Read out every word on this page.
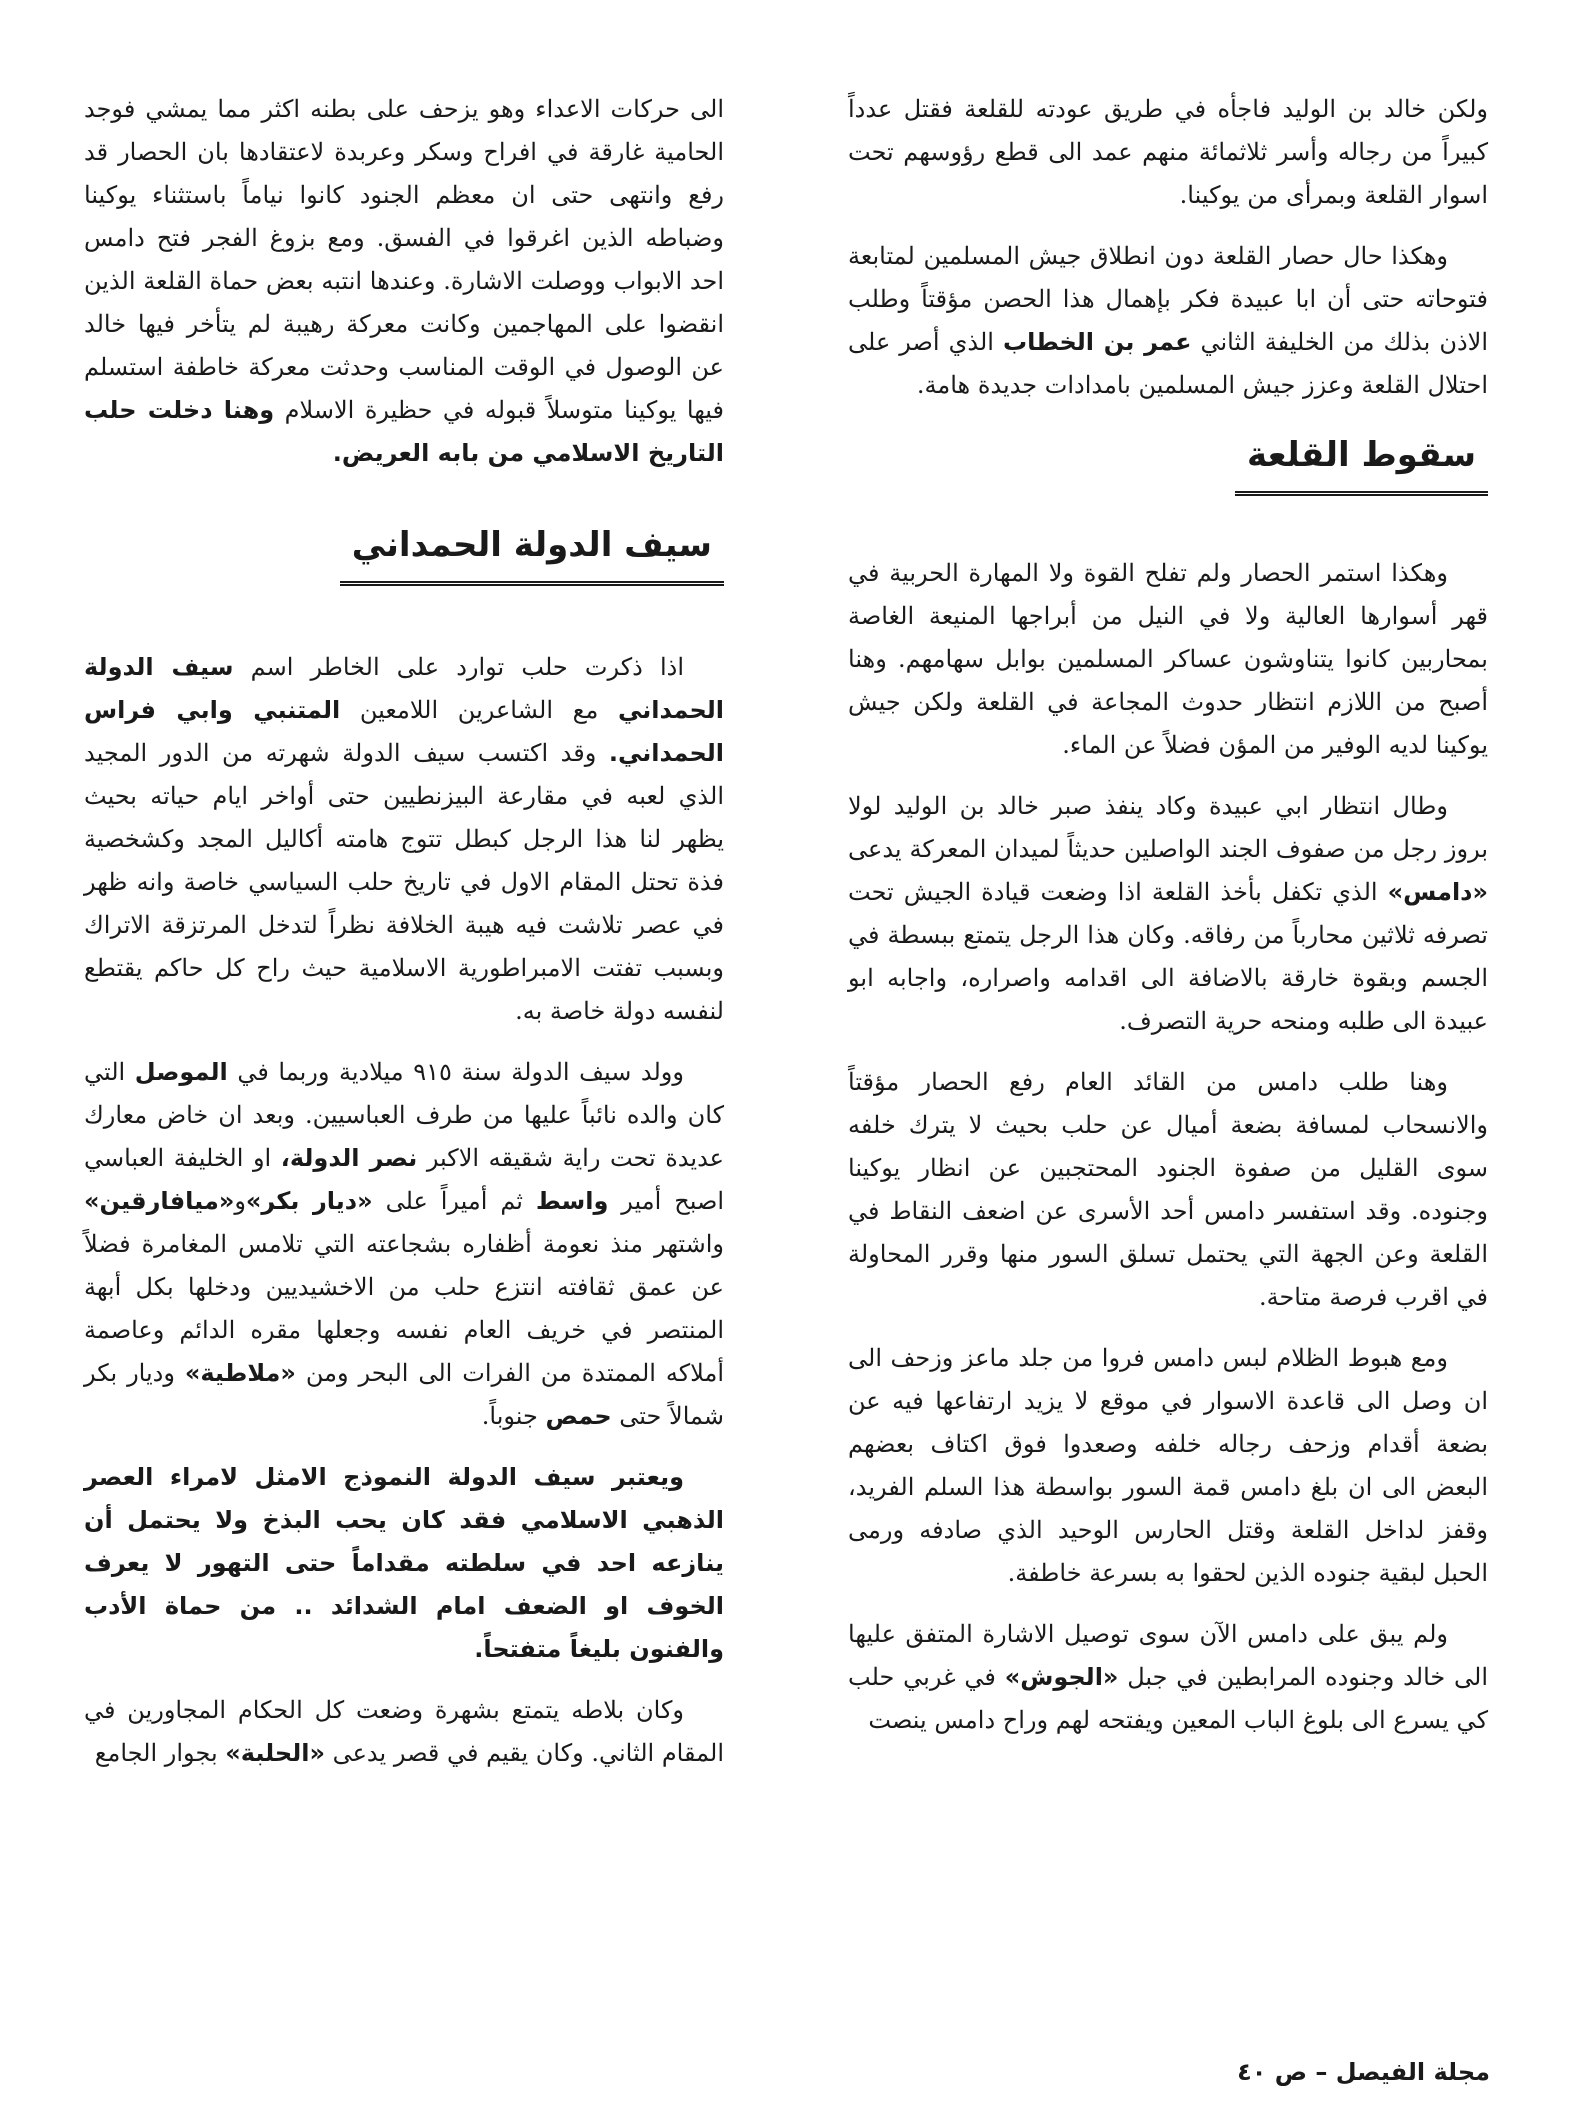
ولكن خالد بن الوليد فاجأه في طريق عودته للقلعة فقتل عدداً كبيراً من رجاله وأسر ثلاثمائة منهم عمد الى قطع رؤوسهم تحت اسوار القلعة وبمرأى من يوكينا.

وهكذا حال حصار القلعة دون انطلاق جيش المسلمين لمتابعة فتوحاته حتى أن ابا عبيدة فكر بإهمال هذا الحصن مؤقتاً وطلب الاذن بذلك من الخليفة الثاني عمر بن الخطاب الذي أصر على احتلال القلعة وعزز جيش المسلمين بامدادات جديدة هامة.

سقوط القلعة

وهكذا استمر الحصار ولم تفلح القوة ولا المهارة الحربية في قهر أسوارها العالية ولا في النيل من أبراجها المنيعة الغاصة بمحاربين كانوا يتناوشون عساكر المسلمين بوابل سهامهم. وهنا أصبح من اللازم انتظار حدوث المجاعة في القلعة ولكن جيش يوكينا لديه الوفير من المؤن فضلاً عن الماء.

وطال انتظار ابي عبيدة وكاد ينفذ صبر خالد بن الوليد لولا بروز رجل من صفوف الجند الواصلين حديثاً لميدان المعركة يدعى «دامس» الذي تكفل بأخذ القلعة اذا وضعت قيادة الجيش تحت تصرفه ثلاثين محارباً من رفاقه. وكان هذا الرجل يتمتع ببسطة في الجسم وبقوة خارقة بالاضافة الى اقدامه واصراره، واجابه ابو عبيدة الى طلبه ومنحه حرية التصرف.

وهنا طلب دامس من القائد العام رفع الحصار مؤقتاً والانسحاب لمسافة بضعة أميال عن حلب بحيث لا يترك خلفه سوى القليل من صفوة الجنود المحتجبين عن انظار يوكينا وجنوده. وقد استفسر دامس أحد الأسرى عن اضعف النقاط في القلعة وعن الجهة التي يحتمل تسلق السور منها وقرر المحاولة في اقرب فرصة متاحة.

ومع هبوط الظلام لبس دامس فروا من جلد ماعز وزحف الى ان وصل الى قاعدة الاسوار في موقع لا يزيد ارتفاعها فيه عن بضعة أقدام وزحف رجاله خلفه وصعدوا فوق اكتاف بعضهم البعض الى ان بلغ دامس قمة السور بواسطة هذا السلم الفريد، وقفز لداخل القلعة وقتل الحارس الوحيد الذي صادفه ورمى الحبل لبقية جنوده الذين لحقوا به بسرعة خاطفة.

ولم يبق على دامس الآن سوى توصيل الاشارة المتفق عليها الى خالد وجنوده المرابطين في جبل «الجوش» في غربي حلب كي يسرع الى بلوغ الباب المعين ويفتحه لهم وراح دامس ينصت

الى حركات الاعداء وهو يزحف على بطنه اكثر مما يمشي فوجد الحامية غارقة في افراح وسكر وعربدة لاعتقادها بان الحصار قد رفع وانتهى حتى ان معظم الجنود كانوا نياماً باستثناء يوكينا وضباطه الذين اغرقوا في الفسق. ومع بزوغ الفجر فتح دامس احد الابواب ووصلت الاشارة. وعندها انتبه بعض حماة القلعة الذين انقضوا على المهاجمين وكانت معركة رهيبة لم يتأخر فيها خالد عن الوصول في الوقت المناسب وحدثت معركة خاطفة استسلم فيها يوكينا متوسلاً قبوله في حظيرة الاسلام وهنا دخلت حلب التاريخ الاسلامي من بابه العريض.

سيف الدولة الحمداني

اذا ذكرت حلب توارد على الخاطر اسم سيف الدولة الحمداني مع الشاعرين اللامعين المتنبي وابي فراس الحمداني. وقد اكتسب سيف الدولة شهرته من الدور المجيد الذي لعبه في مقارعة البيزنطيين حتى أواخر ايام حياته بحيث يظهر لنا هذا الرجل كبطل تتوج هامته أكاليل المجد وكشخصية فذة تحتل المقام الاول في تاريخ حلب السياسي خاصة وانه ظهر في عصر تلاشت فيه هيبة الخلافة نظراً لتدخل المرتزقة الاتراك وبسبب تفتت الامبراطورية الاسلامية حيث راح كل حاكم يقتطع لنفسه دولة خاصة به.

وولد سيف الدولة سنة ٩١٥ ميلادية وربما في الموصل التي كان والده نائباً عليها من طرف العباسيين. وبعد ان خاض معارك عديدة تحت راية شقيقه الاكبر نصر الدولة، او الخليفة العباسي اصبح أمير واسط ثم أميراً على «ديار بكر»و«ميافارقين» واشتهر منذ نعومة أظفاره بشجاعته التي تلامس المغامرة فضلاً عن عمق ثقافته انتزع حلب من الاخشيديين ودخلها بكل أبهة المنتصر في خريف العام نفسه وجعلها مقره الدائم وعاصمة أملاكه الممتدة من الفرات الى البحر ومن «ملاطية» وديار بكر شمالاً حتى حمص جنوباً.

ويعتبر سيف الدولة النموذج الامثل لامراء العصر الذهبي الاسلامي فقد كان يحب البذخ ولا يحتمل أن ينازعه احد في سلطته مقداماً حتى التهور لا يعرف الخوف او الضعف امام الشدائد .. من حماة الأدب والفنون بليغاً متفتحاً.

وكان بلاطه يتمتع بشهرة وضعت كل الحكام المجاورين في المقام الثاني. وكان يقيم في قصر يدعى «الحلبة» بجوار الجامع

مجلة الفيصل – ص ٤٠
